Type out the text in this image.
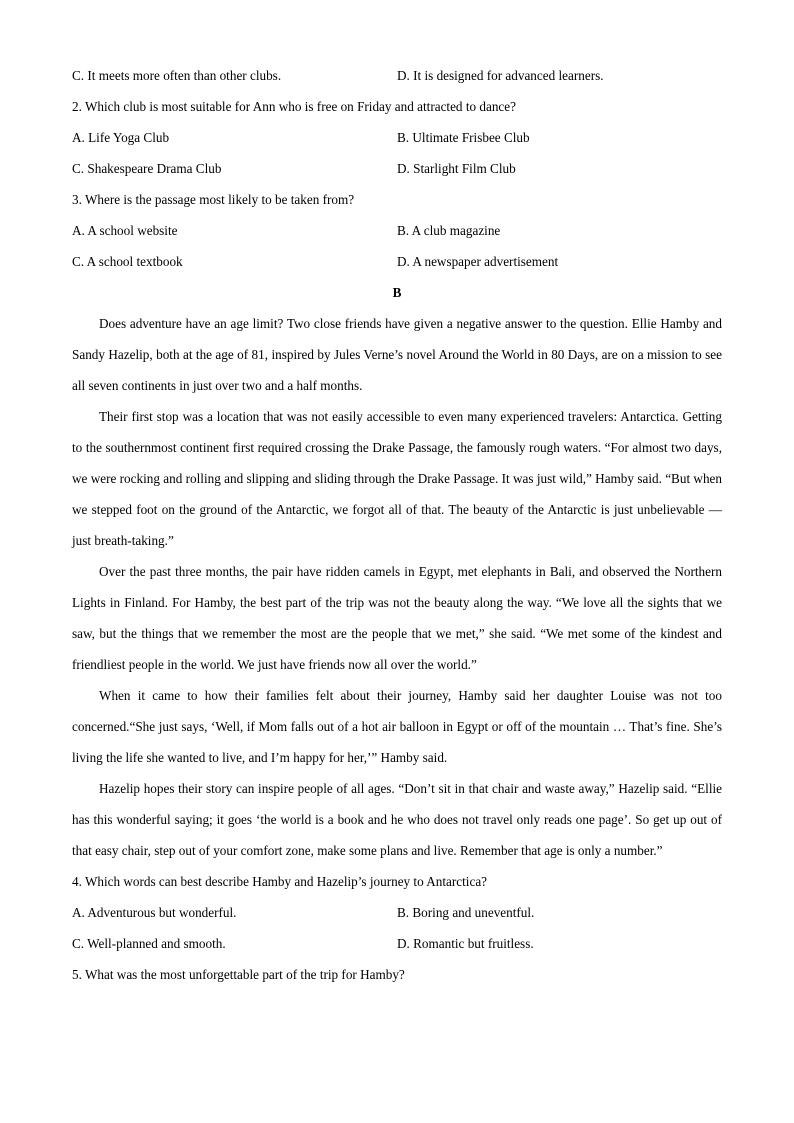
C. It meets more often than other clubs.	D. It is designed for advanced learners.
2. Which club is most suitable for Ann who is free on Friday and attracted to dance?
A. Life Yoga Club	B. Ultimate Frisbee Club
C. Shakespeare Drama Club	D. Starlight Film Club
3. Where is the passage most likely to be taken from?
A. A school website	B. A club magazine
C. A school textbook	D. A newspaper advertisement
B

Does adventure have an age limit? Two close friends have given a negative answer to the question. Ellie Hamby and Sandy Hazelip, both at the age of 81, inspired by Jules Verne’s novel Around the World in 80 Days, are on a mission to see all seven continents in just over two and a half months.

Their first stop was a location that was not easily accessible to even many experienced travelers: Antarctica. Getting to the southernmost continent first required crossing the Drake Passage, the famously rough waters. “For almost two days, we were rocking and rolling and slipping and sliding through the Drake Passage. It was just wild,” Hamby said. “But when we stepped foot on the ground of the Antarctic, we forgot all of that. The beauty of the Antarctic is just unbelievable — just breath-taking.”

Over the past three months, the pair have ridden camels in Egypt, met elephants in Bali, and observed the Northern Lights in Finland. For Hamby, the best part of the trip was not the beauty along the way. “We love all the sights that we saw, but the things that we remember the most are the people that we met,” she said. “We met some of the kindest and friendliest people in the world. We just have friends now all over the world.”

When it came to how their families felt about their journey, Hamby said her daughter Louise was not too concerned.“She just says, ‘Well, if Mom falls out of a hot air balloon in Egypt or off of the mountain … That’s fine. She’s living the life she wanted to live, and I’m happy for her,’” Hamby said.

Hazelip hopes their story can inspire people of all ages. “Don’t sit in that chair and waste away,” Hazelip said. “Ellie has this wonderful saying; it goes ‘the world is a book and he who does not travel only reads one page’. So get up out of that easy chair, step out of your comfort zone, make some plans and live. Remember that age is only a number.”

4. Which words can best describe Hamby and Hazelip’s journey to Antarctica?
A. Adventurous but wonderful.	B. Boring and uneventful.
C. Well-planned and smooth.	D. Romantic but fruitless.
5. What was the most unforgettable part of the trip for Hamby?
